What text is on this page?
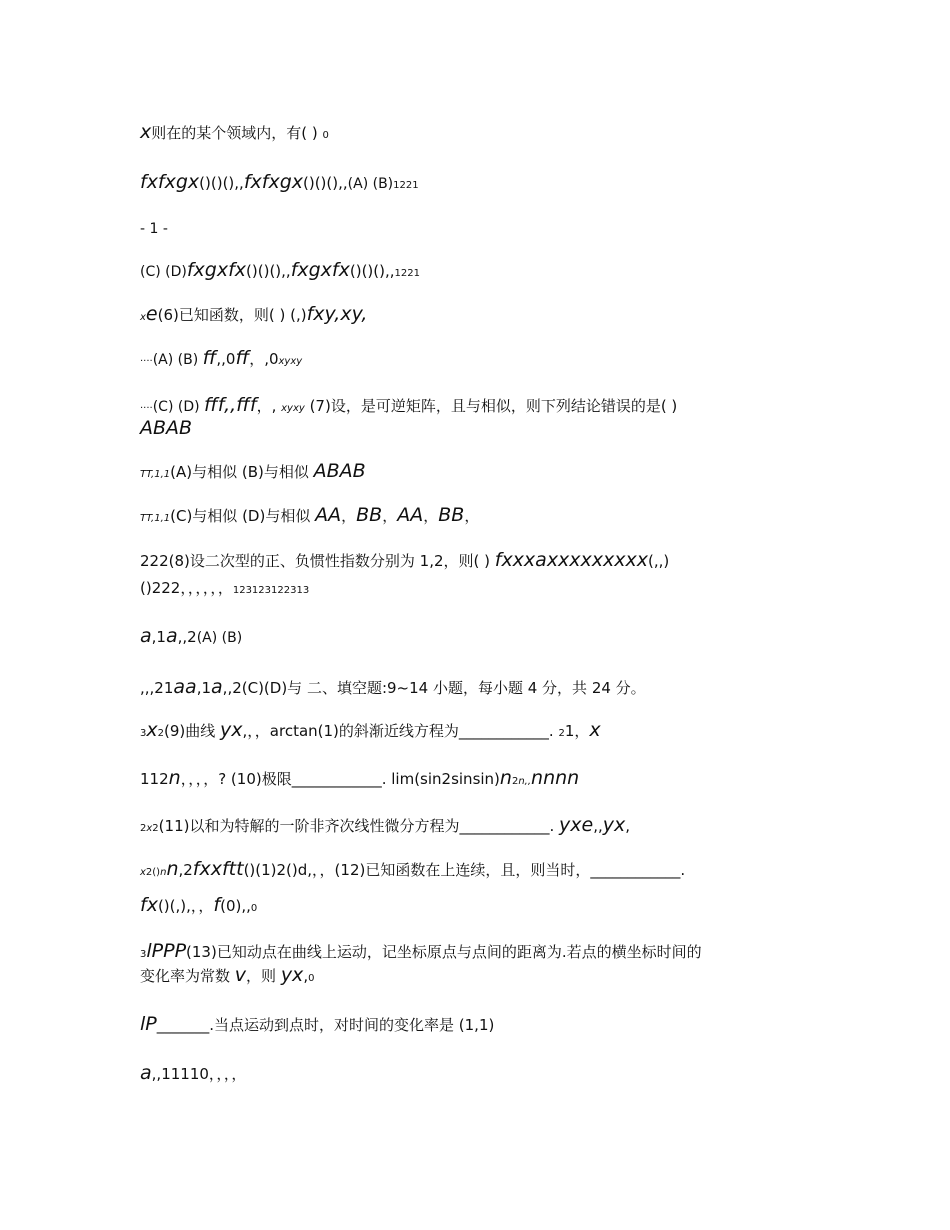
x则在的某个领域内，有( ) 0
fxfxgx()()(),,fxfxgx()()(),,(A) (B)1221
- 1 -
(C) (D)fxgxfx()()(),,fxgxfx()()(),,1221
xe(6)已知函数，则( ) (,)fxy,xy,
····(A) (B) ff,,0ff，,0xyxy
····(C) (D) fff,,fff，, xyxy (7)设，是可逆矩阵，且与相似，则下列结论错误的是( )
ABAB
TT,1,1(A)与相似 (B)与相似 ABAB
TT,1,1(C)与相似 (D)与相似 AA，BB，AA，BB，
222(8)设二次型的正、负惯性指数分别为 1,2，则( ) fxxxaxxxxxxxxx(,,)
()222，，，，，，123123122313
a,1a,,2(A) (B)
,,,21aa,1a,,2(C)(D)与 二、填空题:9~14 小题，每小题 4 分，共 24 分。
3x2(9)曲线 yx,，，arctan(1)的斜渐近线方程为____________. 21，x
112n，，，，? (10)极限____________. lim(sin2sinsin)n2n,,nnnn
2x2(11)以和为特解的一阶非齐次线性微分方程为____________. yxe,,yx,
x2()nn,2fxxftt()(1)2()d,，，(12)已知函数在上连续，且，则当时，____________.
fx()(,),，，f(0),,0
3lPPP(13)已知动点在曲线上运动，记坐标原点与点间的距离为.若点的横坐标时间的
变化率为常数 v，则 yx,0
lP_______.当点运动到点时，对时间的变化率是 (1,1)
a,,11110，，，，
